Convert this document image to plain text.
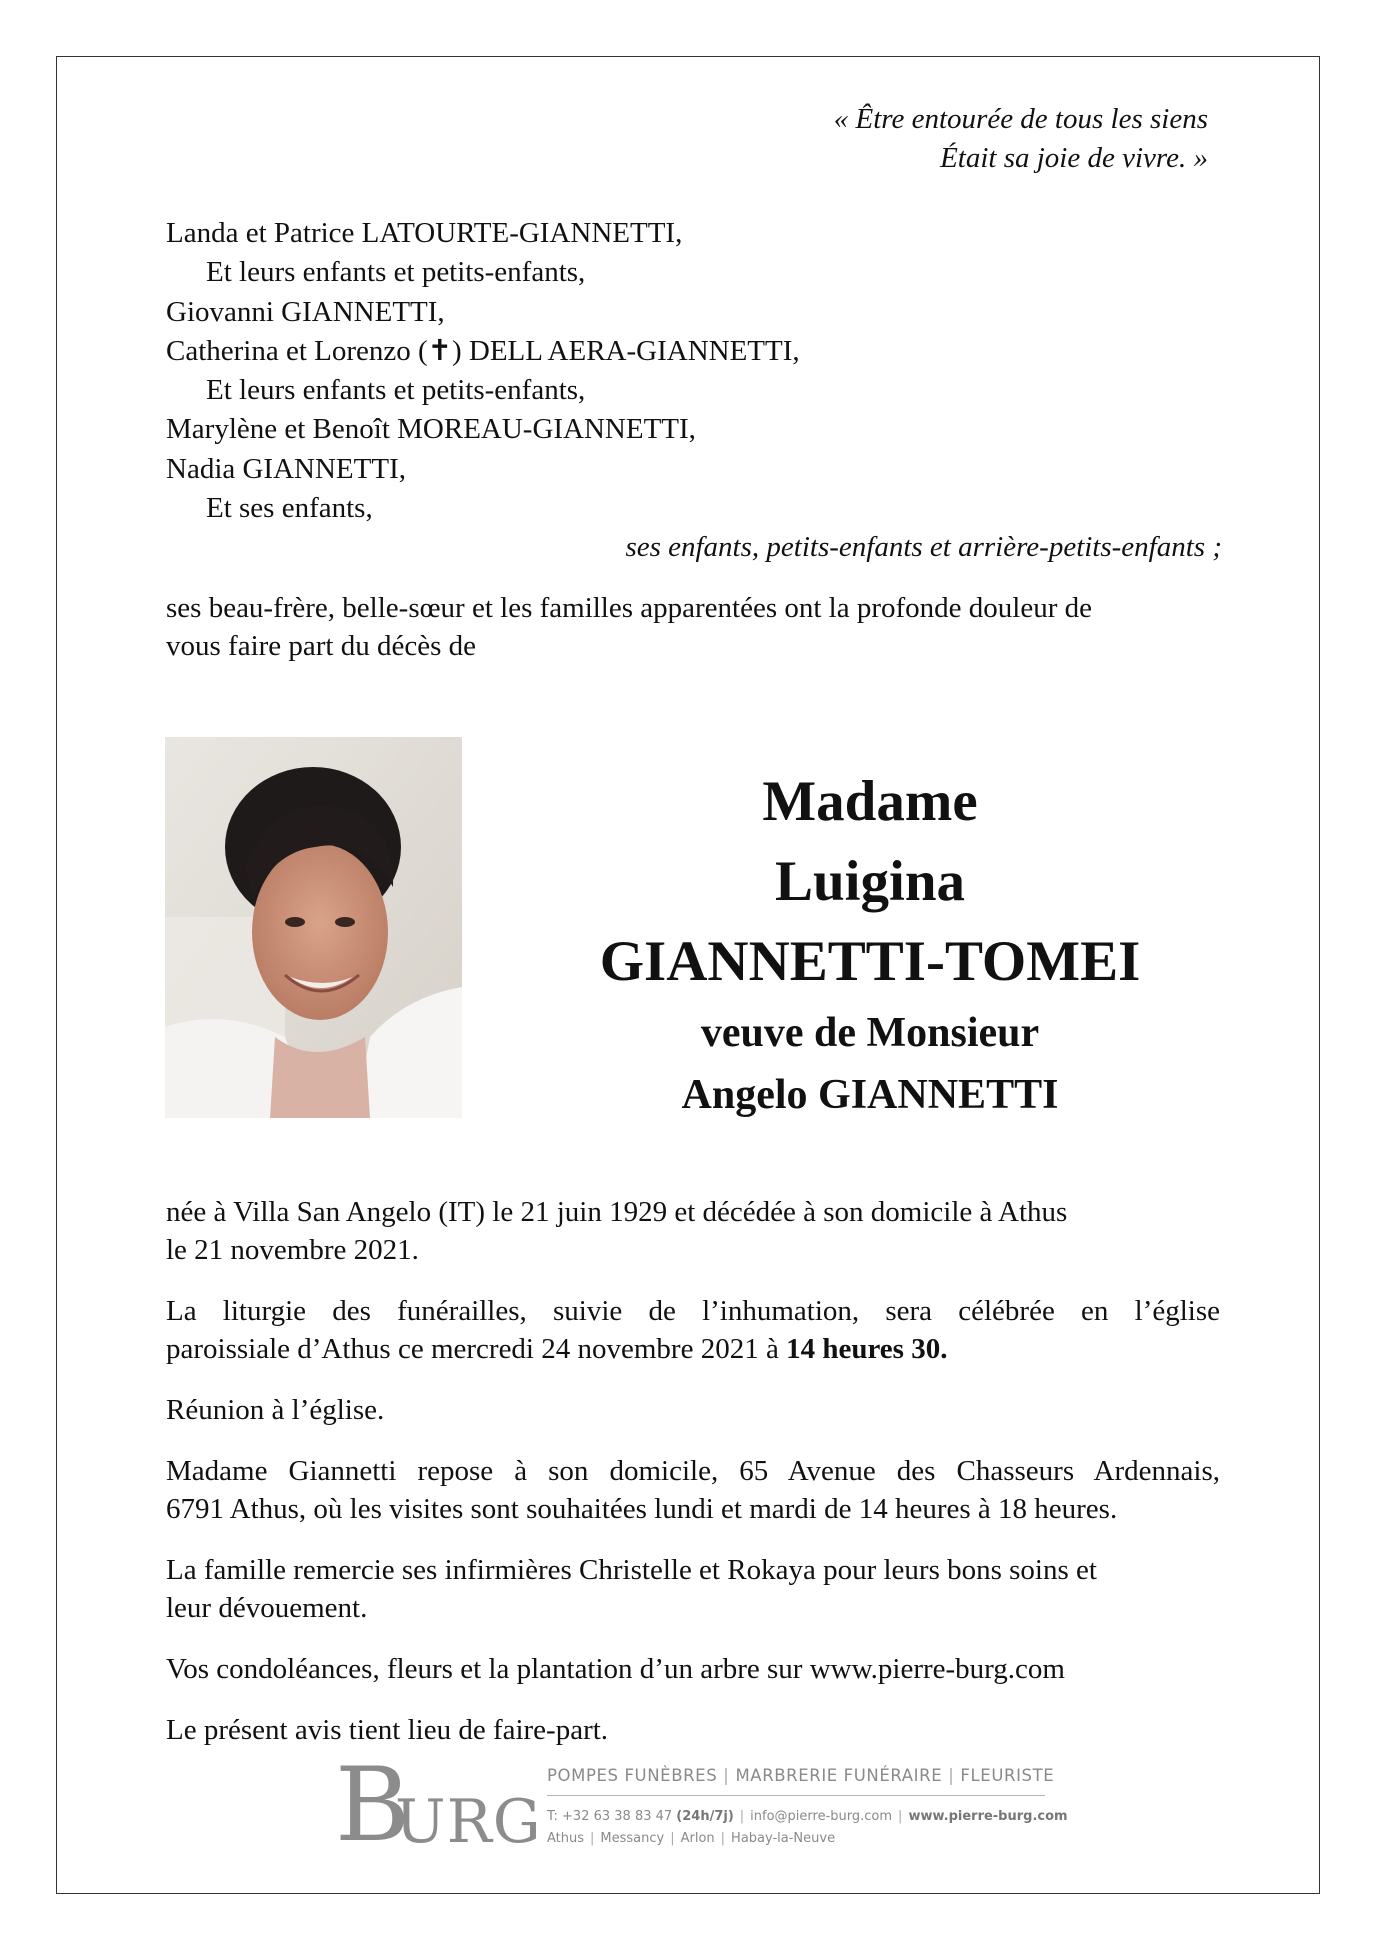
« Être entourée de tous les siens
Était sa joie de vivre. »
Landa et Patrice LATOURTE-GIANNETTI,
Et leurs enfants et petits-enfants,
Giovanni GIANNETTI,
Catherina et Lorenzo (✝) DELL AERA-GIANNETTI,
Et leurs enfants et petits-enfants,
Marylène et Benoît MOREAU-GIANNETTI,
Nadia GIANNETTI,
Et ses enfants,
ses enfants, petits-enfants et arrière-petits-enfants ;
ses beau-frère, belle-sœur et les familles apparentées ont la profonde douleur de
vous faire part du décès de
Madame
Luigina
GIANNETTI-TOMEI
veuve de Monsieur
Angelo GIANNETTI

née à Villa San Angelo (IT) le 21 juin 1929 et décédée à son domicile à Athus
le 21 novembre 2021.

La liturgie des funérailles, suivie de l’inhumation, sera célébrée en l’église
paroissiale d’Athus ce mercredi 24 novembre 2021 à 14 heures 30.

Réunion à l’église.

Madame Giannetti repose à son domicile, 65 Avenue des Chasseurs Ardennais,
6791 Athus, où les visites sont souhaitées lundi et mardi de 14 heures à 18 heures.

La famille remercie ses infirmières Christelle et Rokaya pour leurs bons soins et
leur dévouement.

Vos condoléances, fleurs et la plantation d’un arbre sur www.pierre-burg.com

Le présent avis tient lieu de faire-part.

B
URG
POMPES FUNÈBRES | MARBRERIE FUNÉRAIRE | FLEURISTE
T: +32 63 38 83 47 (24h/7j) | info@pierre-burg.com | www.pierre-burg.com
Athus | Messancy | Arlon | Habay-la-Neuve
